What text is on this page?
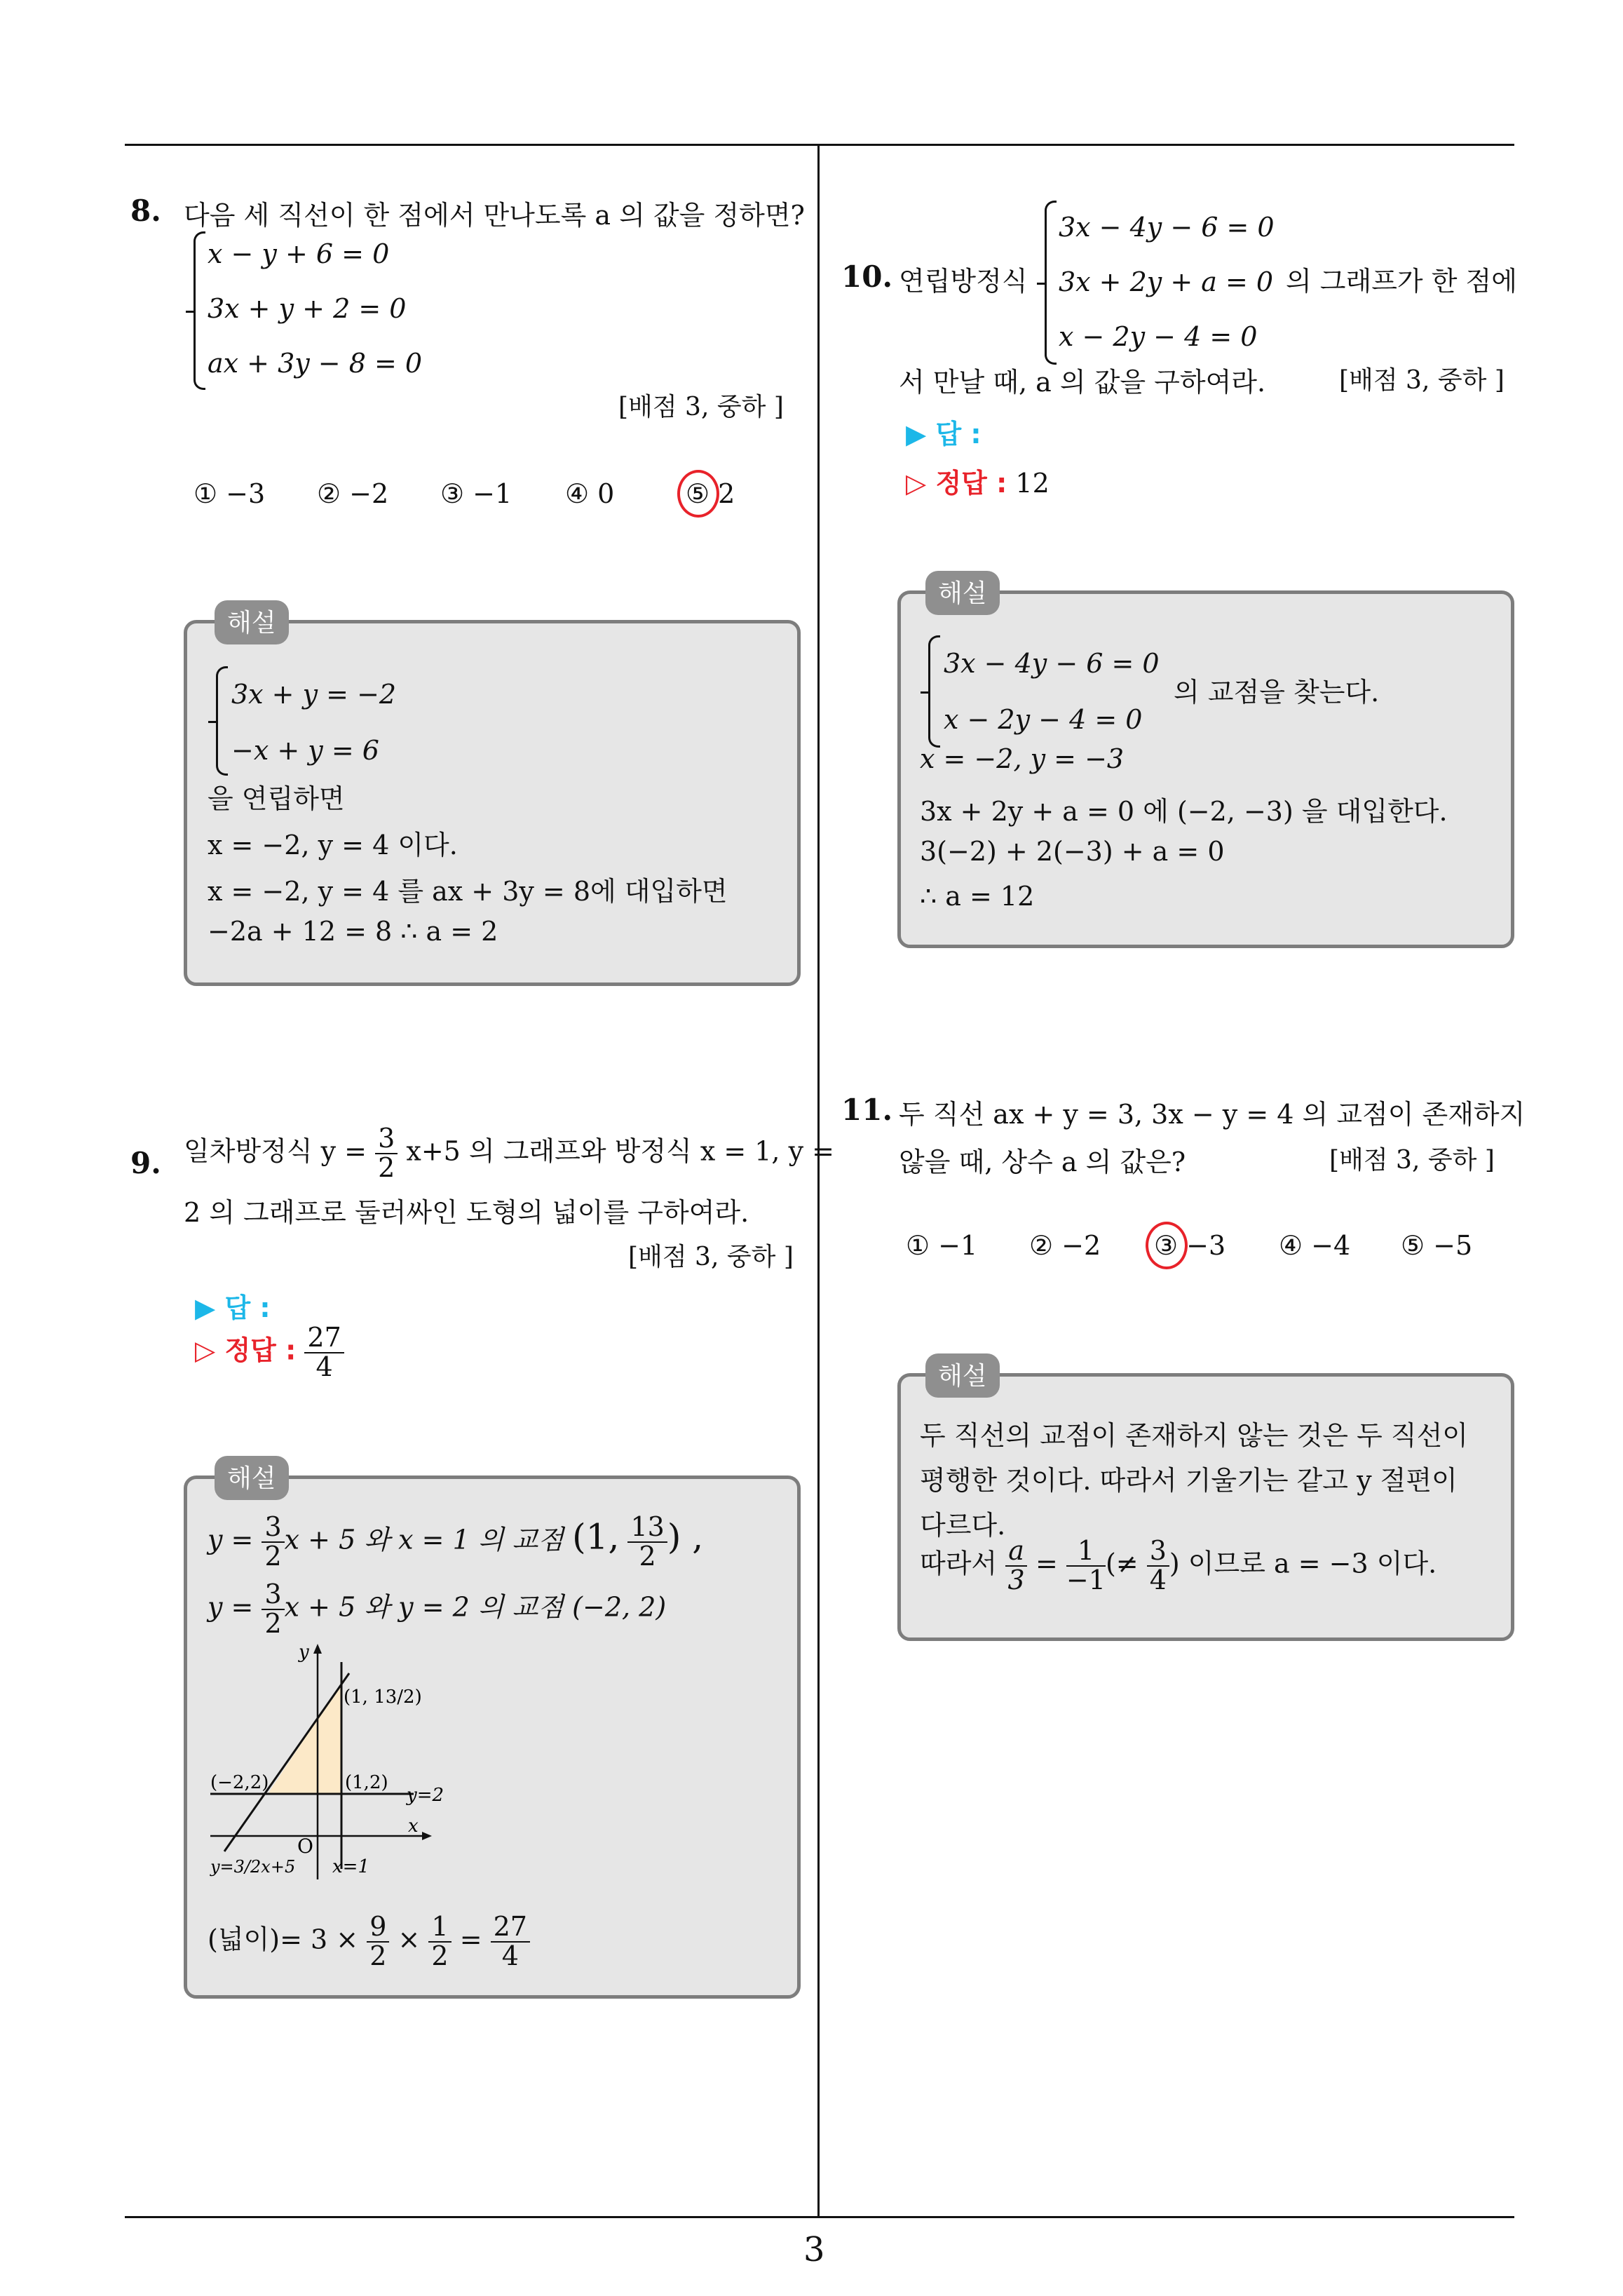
3
8. 다음 세 직선이 한 점에서 만나도록 a 의 값을 정하면?
x − y + 6 = 0
3x + y + 2 = 0
ax + 3y − 8 = 0
[배점 3, 중하 ]
① −3 ② −2 ③ −1 ④ 0	⑤ 2
해설
3x + y = −2
−x + y = 6
을 연립하면
x = −2, y = 4 이다.
x = −2, y = 4 를 ax + 3y = 8에 대입하면
−2a + 12 = 8 ∴ a = 2
9. 일차방정식 $y = \frac{3}{2} x+5$ 의 그래프와 방정식 x = 1, y =
2 의 그래프로 둘러싸인 도형의 넓이를 구하여라.
[배점 3, 중하 ]
▶ 답 :
▷ 정답 : $\frac{27}{4}$
해설
$y = \frac{3}{2}$ x + 5 와 x = 1 의 교점 (1, $\frac{13}{2}$ ) ,
$y = \frac{3}{2}$ x + 5 와 y = 2 의 교점 (−2, 2)
y
x
O
(1, 13/2)
(−2,2)	(1,2)
y=2
x=1
y=3/2x+5
(넓이)= $3 \times \frac{9}{2} \times \frac{1}{2} = \frac{27}{4}$
10. 연립방정식
3x − 4y − 6 = 0
3x + 2y + a = 0
x − 2y − 4 = 0
의 그래프가 한 점에
서 만날 때, a 의 값을 구하여라.	[배점 3, 중하 ]
▶ 답 :
▷ 정답 : 12
해설
3x − 4y − 6 = 0
x − 2y − 4 = 0
의 교점을 찾는다.
x = −2, y = −3
3x + 2y + a = 0 에 (−2, −3) 을 대입한다.
3(−2) + 2(−3) + a = 0
∴ a = 12
11. 두 직선 ax + y = 3, 3x − y = 4 의 교점이 존재하지
않을 때, 상수 a 의 값은?	[배점 3, 중하 ]
① −1 ② −2 ③ −3 ④ −4 ⑤ −5
해설
두 직선의 교점이 존재하지 않는 것은 두 직선이
평행한 것이다. 따라서 기울기는 같고 y 절편이
다르다.
따라서 $\frac{a}{3} = \frac{1}{-1}$ (≠ $\frac{3}{4}$ ) 이므로 a = −3 이다.
